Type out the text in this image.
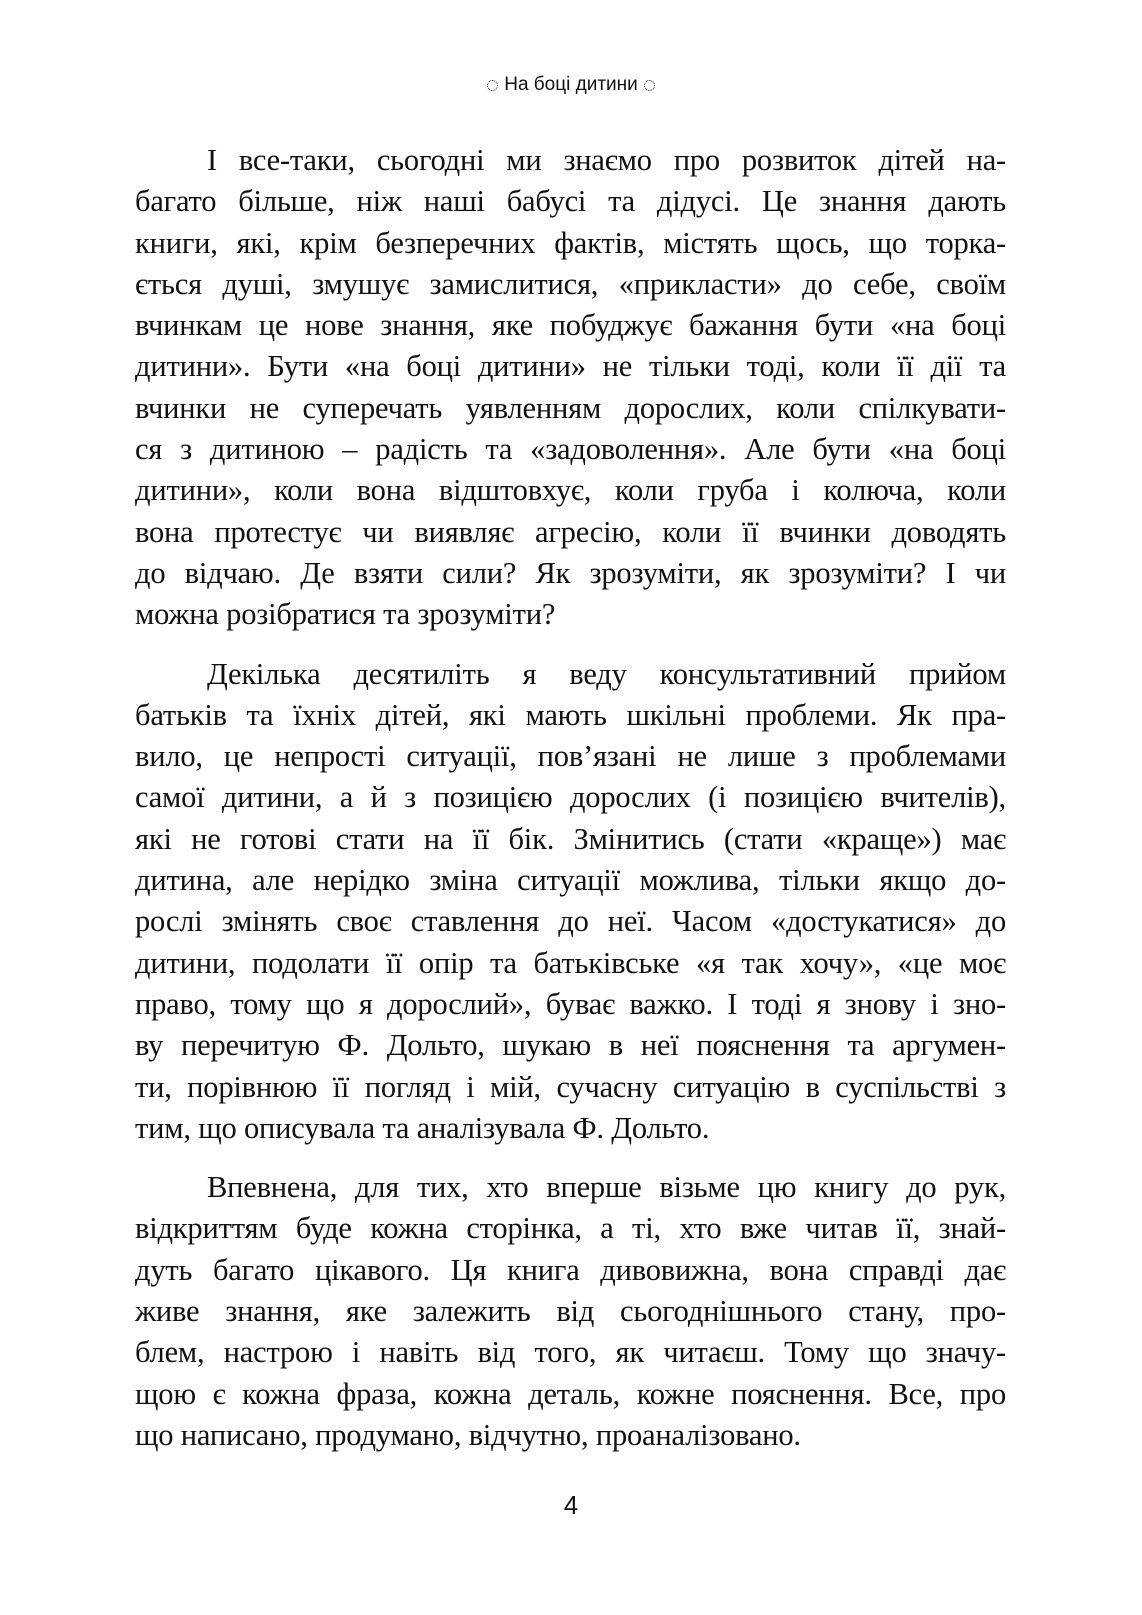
На боці дитини
І все-таки, сьогодні ми знаємо про розвиток дітей на-
багато більше, ніж наші бабусі та дідусі. Це знання дають
книги, які, крім безперечних фактів, містять щось, що торка-
ється душі, змушує замислитися, «прикласти» до себе, своїм
вчинкам це нове знання, яке побуджує бажання бути «на боці
дитини». Бути «на боці дитини» не тільки тоді, коли її дії та
вчинки не суперечать уявленням дорослих, коли спілкувати-
ся з дитиною – радість та «задоволення». Але бути «на боці
дитини», коли вона відштовхує, коли груба і колюча, коли
вона протестує чи виявляє агресію, коли її вчинки доводять
до відчаю. Де взяти сили? Як зрозуміти, як зрозуміти? І чи
можна розібратися та зрозуміти?
Декілька десятиліть я веду консультативний прийом
батьків та їхніх дітей, які мають шкільні проблеми. Як пра-
вило, це непрості ситуації, пов’язані не лише з проблемами
самої дитини, а й з позицією дорослих (і позицією вчителів),
які не готові стати на її бік. Змінитись (стати «краще») має
дитина, але нерідко зміна ситуації можлива, тільки якщо до-
рослі змінять своє ставлення до неї. Часом «достукатися» до
дитини, подолати її опір та батьківське «я так хочу», «це моє
право, тому що я дорослий», буває важко. І тоді я знову і зно-
ву перечитую Ф. Дольто, шукаю в неї пояснення та аргумен-
ти, порівнюю її погляд і мій, сучасну ситуацію в суспільстві з
тим, що описувала та аналізувала Ф. Дольто.
Впевнена, для тих, хто вперше візьме цю книгу до рук,
відкриттям буде кожна сторінка, а ті, хто вже читав її, знай-
дуть багато цікавого. Ця книга дивовижна, вона справді дає
живе знання, яке залежить від сьогоднішнього стану, про-
блем, настрою і навіть від того, як читаєш. Тому що значу-
щою є кожна фраза, кожна деталь, кожне пояснення. Все, про
що написано, продумано, відчутно, проаналізовано.
4
